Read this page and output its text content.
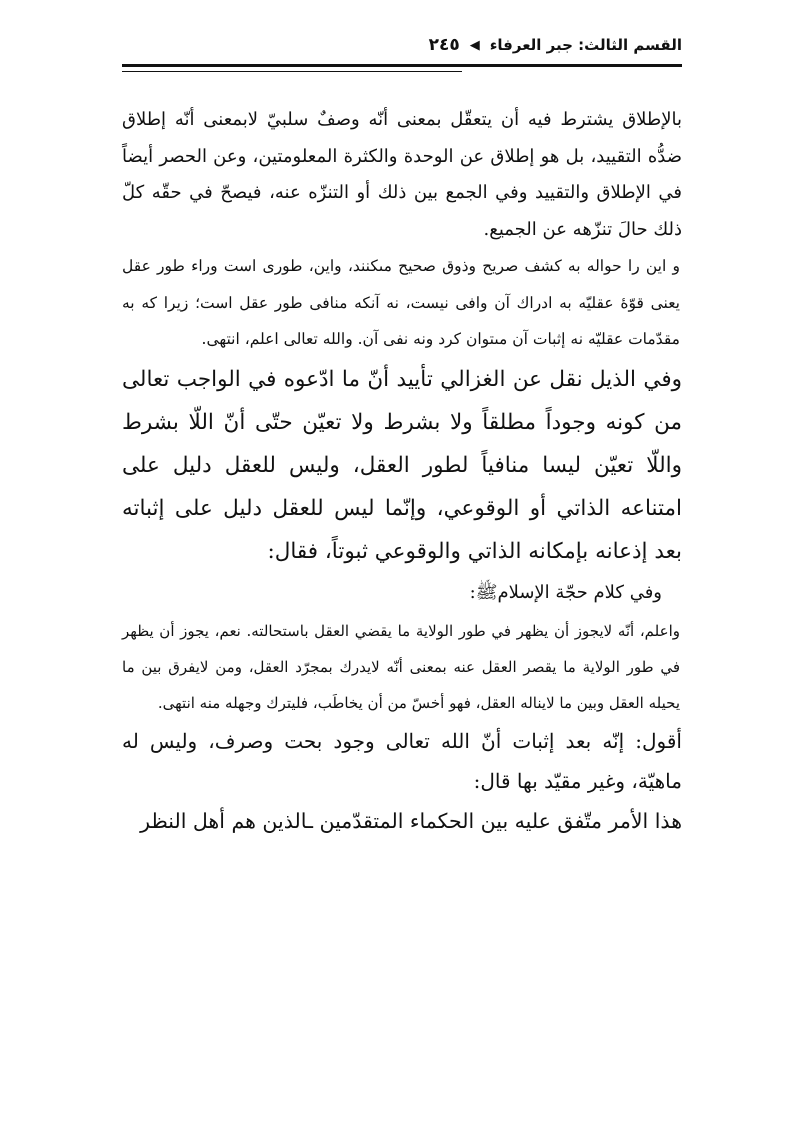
القسم الثالث: جبر العرفاء
◀
٢٤٥

بالإطلاق يشترط فيه أن يتعقّل بمعنى أنّه وصفٌ سلبيّ لابمعنى أنّه إطلاق ضدُّه التقييد، بل هو إطلاق عن الوحدة والكثرة المعلومتين، وعن الحصر أيضاً في الإطلاق والتقييد وفي الجمع بين ذلك أو التنزّه عنه، فيصحّ في حقّه كلّ ذلك حالَ تنزّهه عن الجميع.

و اين را حواله به كشف صريح وذوق صحيح مىكنند، واين، طورى است وراء طور عقل يعنى قوّهٔ عقليّه به ادراك آن وافى نيست، نه آنكه منافى طور عقل است؛ زيرا كه به مقدّمات عقليّه نه إثبات آن مىتوان كرد ونه نفى آن. والله تعالى اعلم، انتهى.

وفي الذيل نقل عن الغزالي تأييد أنّ ما ادّعوه في الواجب تعالى من كونه وجوداً مطلقاً ولا بشرط ولا تعيّن حتّى أنّ اللّا بشرط واللّا تعيّن ليسا منافياً لطور العقل، وليس للعقل دليل على امتناعه الذاتي أو الوقوعي، وإنّما ليس للعقل دليل على إثباته بعد إذعانه بإمكانه الذاتي والوقوعي ثبوتاً، فقال:

وفي كلام حجّة الإسلامﷺ:

واعلم، أنّه لايجوز أن يظهر في طور الولاية ما يقضي العقل باستحالته. نعم، يجوز أن يظهر في طور الولاية ما يقصر العقل عنه بمعنى أنّه لايدرك بمجرّد العقل، ومن لايفرق بين ما يحيله العقل وبين ما لايناله العقل، فهو أخسّ من أن يخاطَب، فليترك وجهله منه انتهى.

أقول: إنّه بعد إثبات أنّ الله تعالى وجود بحت وصرف، وليس له ماهيّة، وغير مقيّد بها قال:

هذا الأمر متّفق عليه بين الحكماء المتقدّمين ـالذين هم أهل النظر
